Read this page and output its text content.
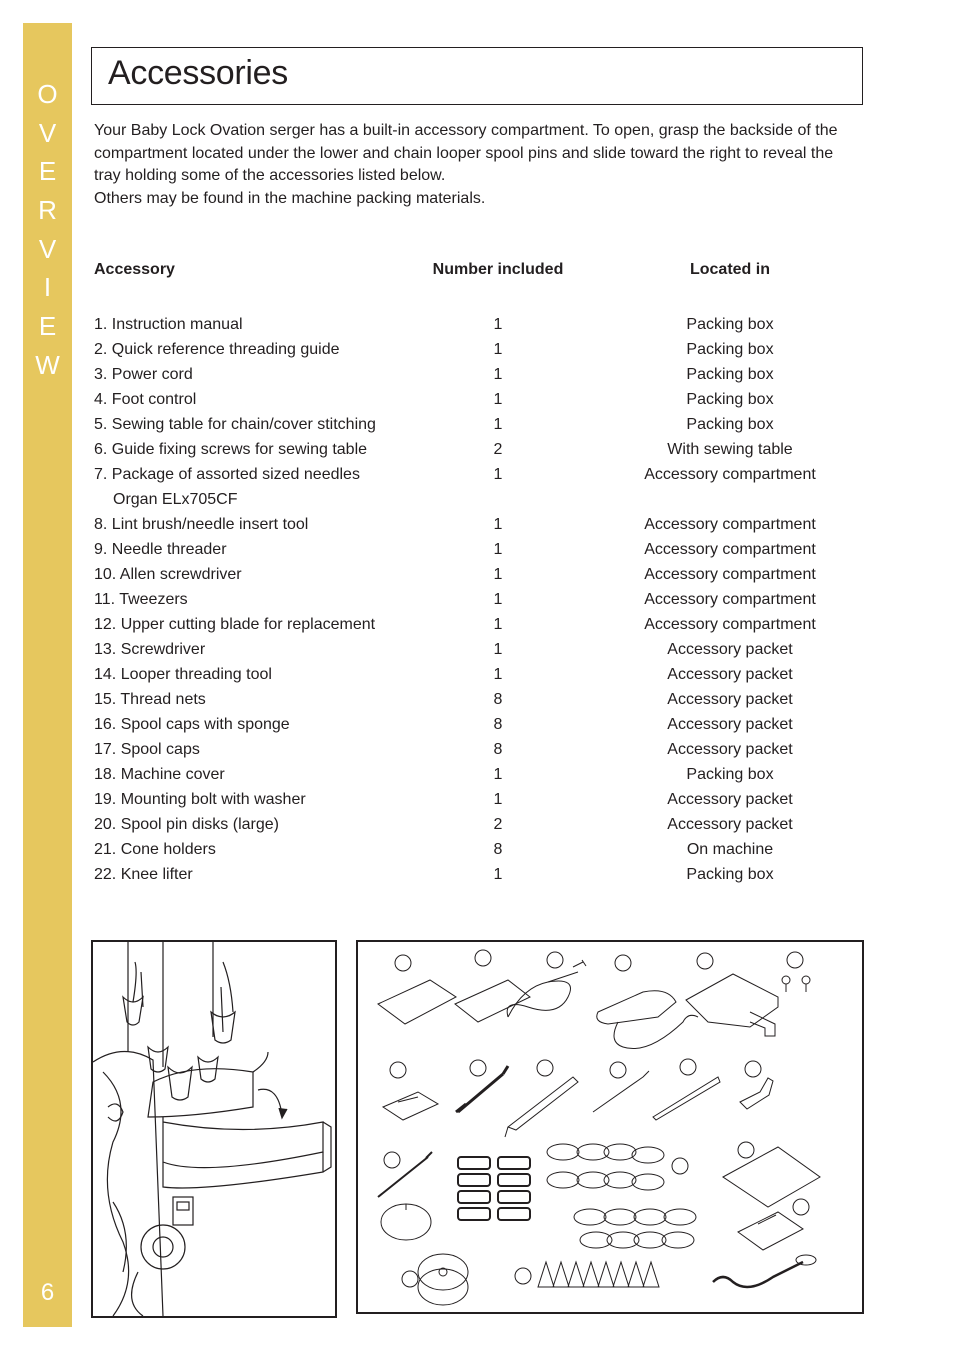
O
V
E
R
V
I
E
W
6
Accessories

Your Baby Lock Ovation serger has a built-in accessory compartment. To open, grasp the backside of the compartment located under the lower and chain looper spool pins and slide toward the right to reveal the tray holding some of the accessories listed below.

Others may be found in the machine packing materials.

Accessory	Number included	Located in
1. Instruction manual	1	Packing box
2. Quick reference threading guide	1	Packing box
3. Power cord	1	Packing box
4. Foot control	1	Packing box
5. Sewing table for chain/cover stitching	1	Packing box
6. Guide fixing screws for sewing table	2	With sewing table
7. Package of assorted sized needles	1	Accessory compartment
Organ ELx705CF
8. Lint brush/needle insert tool	1	Accessory compartment
9. Needle threader	1	Accessory compartment
10. Allen screwdriver	1	Accessory compartment
11. Tweezers	1	Accessory compartment
12. Upper cutting blade for replacement	1	Accessory compartment
13. Screwdriver	1	Accessory packet
14. Looper threading tool	1	Accessory packet
15. Thread nets	8	Accessory packet
16. Spool caps with sponge	8	Accessory packet
17. Spool caps	8	Accessory packet
18. Machine cover	1	Packing box
19. Mounting bolt with washer	1	Accessory packet
20. Spool pin disks (large)	2	Accessory packet
21. Cone holders	8	On machine
22. Knee lifter	1	Packing box
